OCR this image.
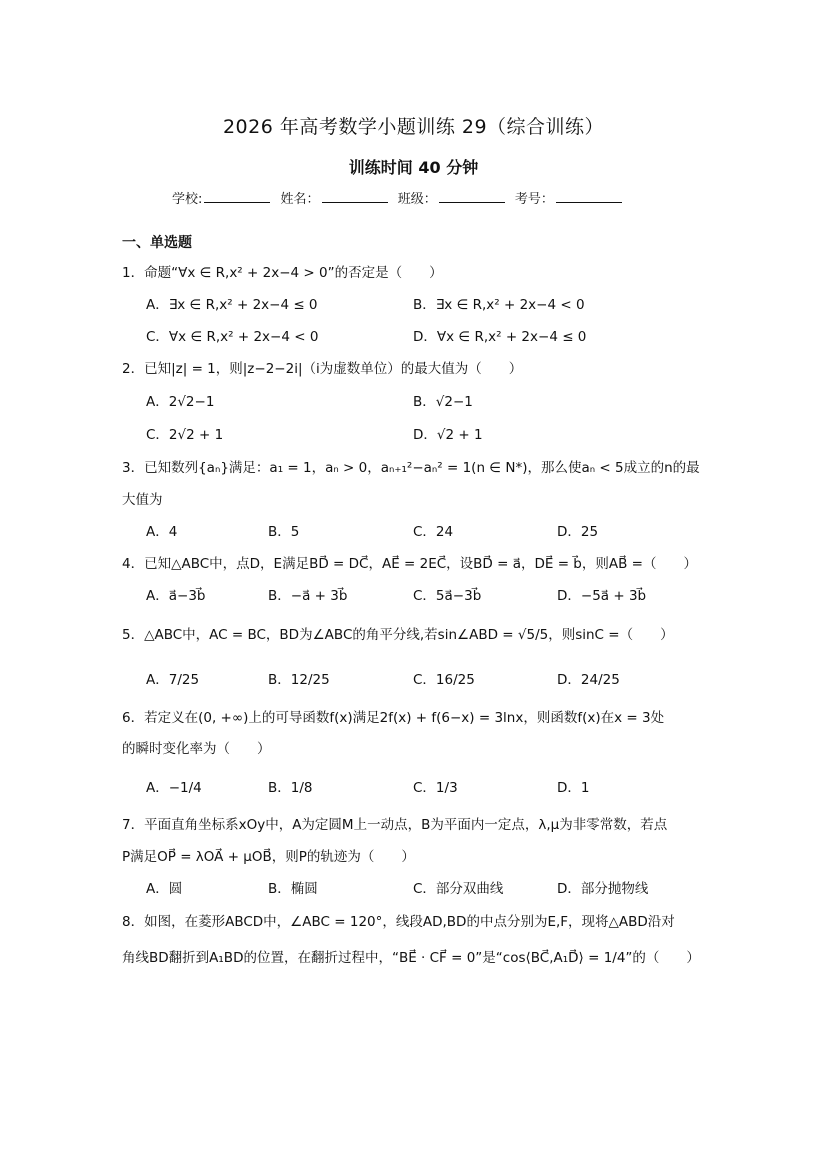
2026 年高考数学小题训练 29（综合训练）
训练时间 40 分钟
学校:	姓名：	班级：	考号：
一、单选题
1．命题“∀x ∈ R,x² + 2x−4 > 0”的否定是（　　）
A．∃x ∈ R,x² + 2x−4 ≤ 0	B．∃x ∈ R,x² + 2x−4 < 0
C．∀x ∈ R,x² + 2x−4 < 0	D．∀x ∈ R,x² + 2x−4 ≤ 0
2．已知|z| = 1，则|z−2−2i|（i为虚数单位）的最大值为（　　）
A．2√2−1	B．√2−1
C．2√2 + 1	D．√2 + 1
3．已知数列{aₙ}满足：a₁ = 1，aₙ > 0，aₙ₊₁²−aₙ² = 1(n ∈ N*)，那么使aₙ < 5成立的n的最
大值为
A．4	B．5	C．24	D．25
4．已知△ABC中，点D，E满足BD⃗ = DC⃗，AE⃗ = 2EC⃗，设BD⃗ = a⃗，DE⃗ = b⃗，则AB⃗ =（　　）
A．a⃗−3b⃗	B．−a⃗ + 3b⃗	C．5a⃗−3b⃗	D．−5a⃗ + 3b⃗
5．△ABC中，AC = BC，BD为∠ABC的角平分线,若sin∠ABD = √5/5，则sinC =（　　）
A．7/25	B．12/25	C．16/25	D．24/25
6．若定义在(0, +∞)上的可导函数f(x)满足2f(x) + f(6−x) = 3lnx，则函数f(x)在x = 3处
的瞬时变化率为（　　）
A．−1/4	B．1/8	C．1/3	D．1
7．平面直角坐标系xOy中，A为定圆M上一动点，B为平面内一定点，λ,μ为非零常数，若点
P满足OP⃗ = λOA⃗ + μOB⃗，则P的轨迹为（　　）
A．圆	B．椭圆	C．部分双曲线	D．部分抛物线
8．如图，在菱形ABCD中，∠ABC = 120°，线段AD,BD的中点分别为E,F，现将△ABD沿对
角线BD翻折到A₁BD的位置，在翻折过程中，“BE⃗ · CF⃗ = 0”是“cos⟨BC⃗,A₁D⃗⟩ = 1/4”的（　　）
